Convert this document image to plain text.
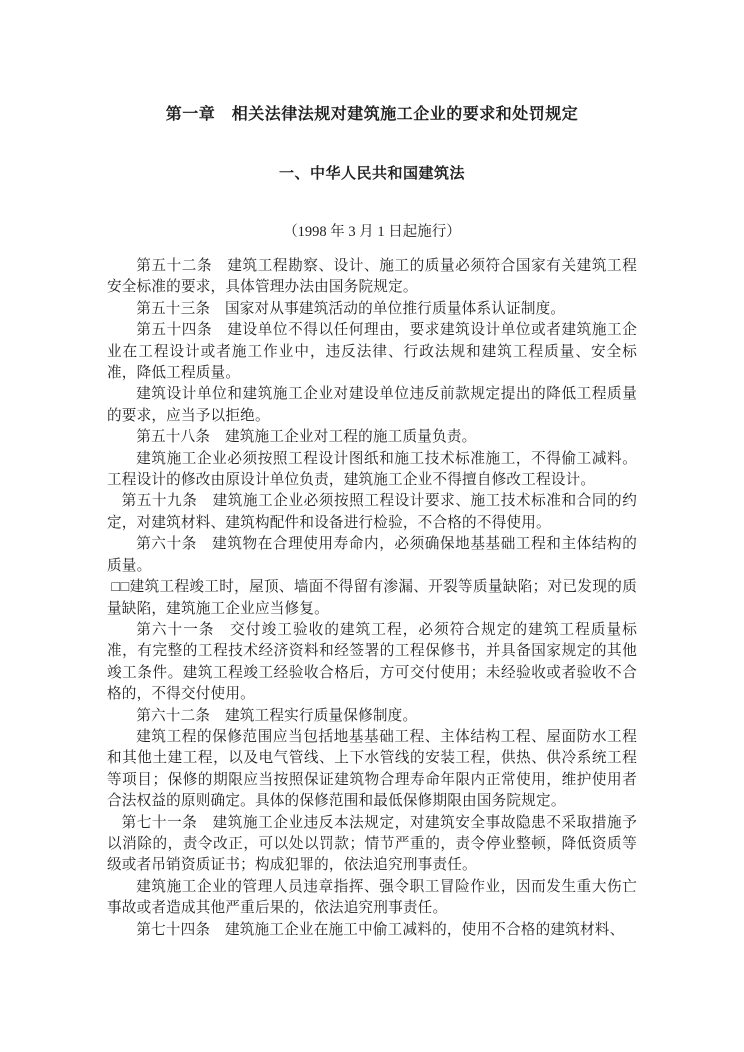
第一章　相关法律法规对建筑施工企业的要求和处罚规定
一、中华人民共和国建筑法

（1998 年 3 月 1 日起施行）

第五十二条　建筑工程勘察、设计、施工的质量必须符合国家有关建筑工程安全标准的要求，具体管理办法由国务院规定。

第五十三条　国家对从事建筑活动的单位推行质量体系认证制度。

第五十四条　建设单位不得以任何理由，要求建筑设计单位或者建筑施工企业在工程设计或者施工作业中，违反法律、行政法规和建筑工程质量、安全标准，降低工程质量。

建筑设计单位和建筑施工企业对建设单位违反前款规定提出的降低工程质量的要求，应当予以拒绝。

第五十八条　建筑施工企业对工程的施工质量负责。

建筑施工企业必须按照工程设计图纸和施工技术标准施工，不得偷工减料。工程设计的修改由原设计单位负责，建筑施工企业不得擅自修改工程设计。

第五十九条　建筑施工企业必须按照工程设计要求、施工技术标准和合同的约定，对建筑材料、建筑构配件和设备进行检验，不合格的不得使用。

第六十条　建筑物在合理使用寿命内，必须确保地基基础工程和主体结构的质量。

□□建筑工程竣工时，屋顶、墙面不得留有渗漏、开裂等质量缺陷；对已发现的质量缺陷，建筑施工企业应当修复。

第六十一条　交付竣工验收的建筑工程，必须符合规定的建筑工程质量标准，有完整的工程技术经济资料和经签署的工程保修书，并具备国家规定的其他竣工条件。建筑工程竣工经验收合格后，方可交付使用；未经验收或者验收不合格的，不得交付使用。

第六十二条　建筑工程实行质量保修制度。

建筑工程的保修范围应当包括地基基础工程、主体结构工程、屋面防水工程和其他土建工程，以及电气管线、上下水管线的安装工程，供热、供冷系统工程等项目；保修的期限应当按照保证建筑物合理寿命年限内正常使用，维护使用者合法权益的原则确定。具体的保修范围和最低保修期限由国务院规定。

第七十一条　建筑施工企业违反本法规定，对建筑安全事故隐患不采取措施予以消除的，责令改正，可以处以罚款；情节严重的，责令停业整顿，降低资质等级或者吊销资质证书；构成犯罪的，依法追究刑事责任。

建筑施工企业的管理人员违章指挥、强令职工冒险作业，因而发生重大伤亡事故或者造成其他严重后果的，依法追究刑事责任。

第七十四条　建筑施工企业在施工中偷工减料的，使用不合格的建筑材料、
